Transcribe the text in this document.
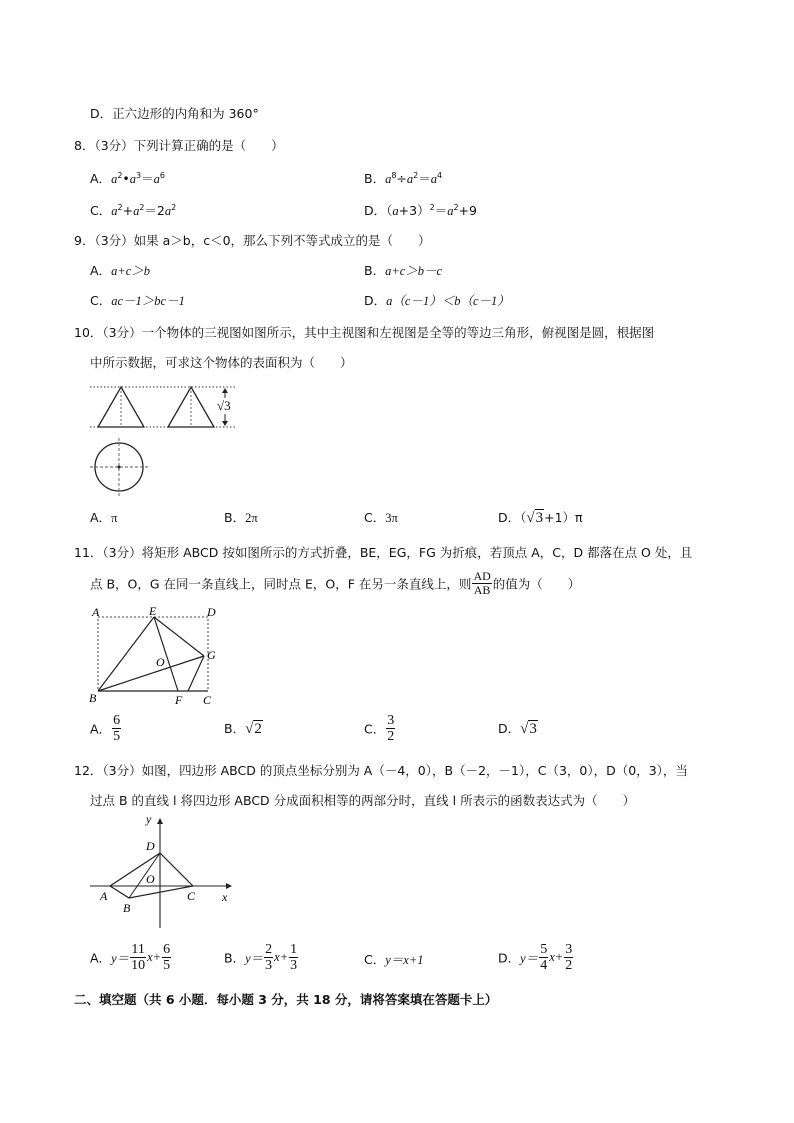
D．正六边形的内角和为 360°
8．（3分）下列计算正确的是（　　）
A．$a^2•a^3=a^6$	B．$a^8\div a^2=a^4$
C．$a^2+a^2=2a^2$	D．$(a+3)^2=a^2+9$
9．（3分）如果 a＞b，c＜0，那么下列不等式成立的是（　　）
A．a+c＞b	B．a+c＞b－c
C．ac－1＞bc－1	D．a（c－1）＜b（c－1）
10．（3分）一个物体的三视图如图所示，其中主视图和左视图是全等的等边三角形，俯视图是圆，根据图
中所示数据，可求这个物体的表面积为（　　）
√3
A．π	B．2π	C．3π	D．（√3+1）π
11．（3分）将矩形 ABCD 按如图所示的方式折叠，BE，EG，FG 为折痕，若顶点 A，C，D 都落在点 O 处，且
点 B，O，G 在同一条直线上，同时点 E，O，F 在另一条直线上，则 $\frac{AD}{AB}$ 的值为（　　）
A	E	D
O	G
B	F C
A． $\frac{6}{5}$	B．√2	C． $\frac{3}{2}$	D．√3
12．（3分）如图，四边形 ABCD 的顶点坐标分别为 A（－4，0），B（－2，－1），C（3，0），D（0，3），当
过点 B 的直线 l 将四边形 ABCD 分成面积相等的两部分时，直线 l 所表示的函数表达式为（　　）
y
x
D
O
A
B
C
A．$y= \frac{11}{10} x+ \frac{6}{5}$	B．$y= \frac{2}{3} x+ \frac{1}{3}$	C．y＝x+1	D．$y= \frac{5}{4} x+ \frac{3}{2}$
二、填空题（共 6 小题．每小题 3 分，共 18 分，请将答案填在答题卡上）
